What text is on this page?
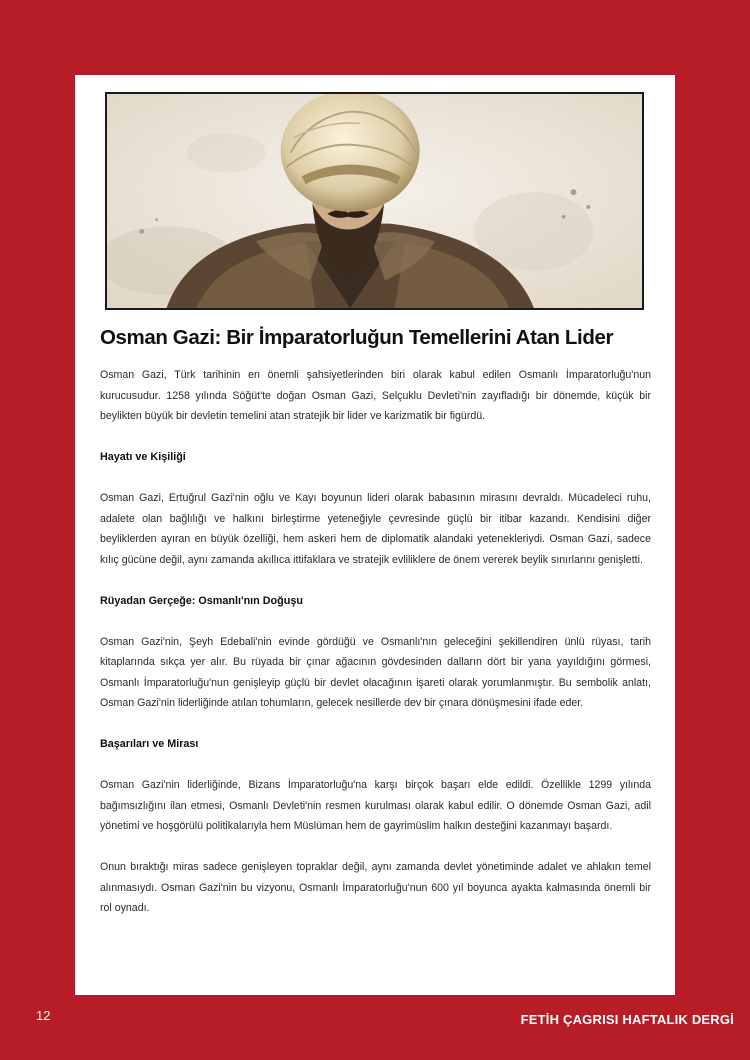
Osman Gazi: Bir İmparatorluğun Temellerini Atan Lider

Osman Gazi, Türk tarihinin en önemli şahsiyetlerinden biri olarak kabul edilen Osmanlı İmparatorluğu'nun kurucusudur. 1258 yılında Söğüt'te doğan Osman Gazi, Selçuklu Devleti'nin zayıfladığı bir dönemde, küçük bir beylikten büyük bir devletin temelini atan stratejik bir lider ve karizmatik bir figürdü.

Hayatı ve Kişiliği

Osman Gazi, Ertuğrul Gazi'nin oğlu ve Kayı boyunun lideri olarak babasının mirasını devraldı. Mücadeleci ruhu, adalete olan bağlılığı ve halkını birleştirme yeteneğiyle çevresinde güçlü bir itibar kazandı. Kendisini diğer beyliklerden ayıran en büyük özelliği, hem askeri hem de diplomatik alandaki yetenekleriydi. Osman Gazi, sadece kılıç gücüne değil, aynı zamanda akıllıca ittifaklara ve stratejik evliliklere de önem vererek beylik sınırlarını genişletti.

Rüyadan Gerçeğe: Osmanlı'nın Doğuşu

Osman Gazi'nin, Şeyh Edebali'nin evinde gördüğü ve Osmanlı'nın geleceğini şekillendiren ünlü rüyası, tarih kitaplarında sıkça yer alır. Bu rüyada bir çınar ağacının gövdesinden dalların dört bir yana yayıldığını görmesi, Osmanlı İmparatorluğu'nun genişleyip güçlü bir devlet olacağının işareti olarak yorumlanmıştır. Bu sembolik anlatı, Osman Gazi'nin liderliğinde atılan tohumların, gelecek nesillerde dev bir çınara dönüşmesini ifade eder.

Başarıları ve Mirası

Osman Gazi'nin liderliğinde, Bizans İmparatorluğu'na karşı birçok başarı elde edildi. Özellikle 1299 yılında bağımsızlığını ilan etmesi, Osmanlı Devleti'nin resmen kurulması olarak kabul edilir. O dönemde Osman Gazi, adil yönetimi ve hoşgörülü politikalarıyla hem Müslüman hem de gayrimüslim halkın desteğini kazanmayı başardı.

Onun bıraktığı miras sadece genişleyen topraklar değil, aynı zamanda devlet yönetiminde adalet ve ahlakın temel alınmasıydı. Osman Gazi'nin bu vizyonu, Osmanlı İmparatorluğu'nun 600 yıl boyunca ayakta kalmasında önemli bir rol oynadı.

12	FETİH ÇAGRISI HAFTALIK DERGİ
